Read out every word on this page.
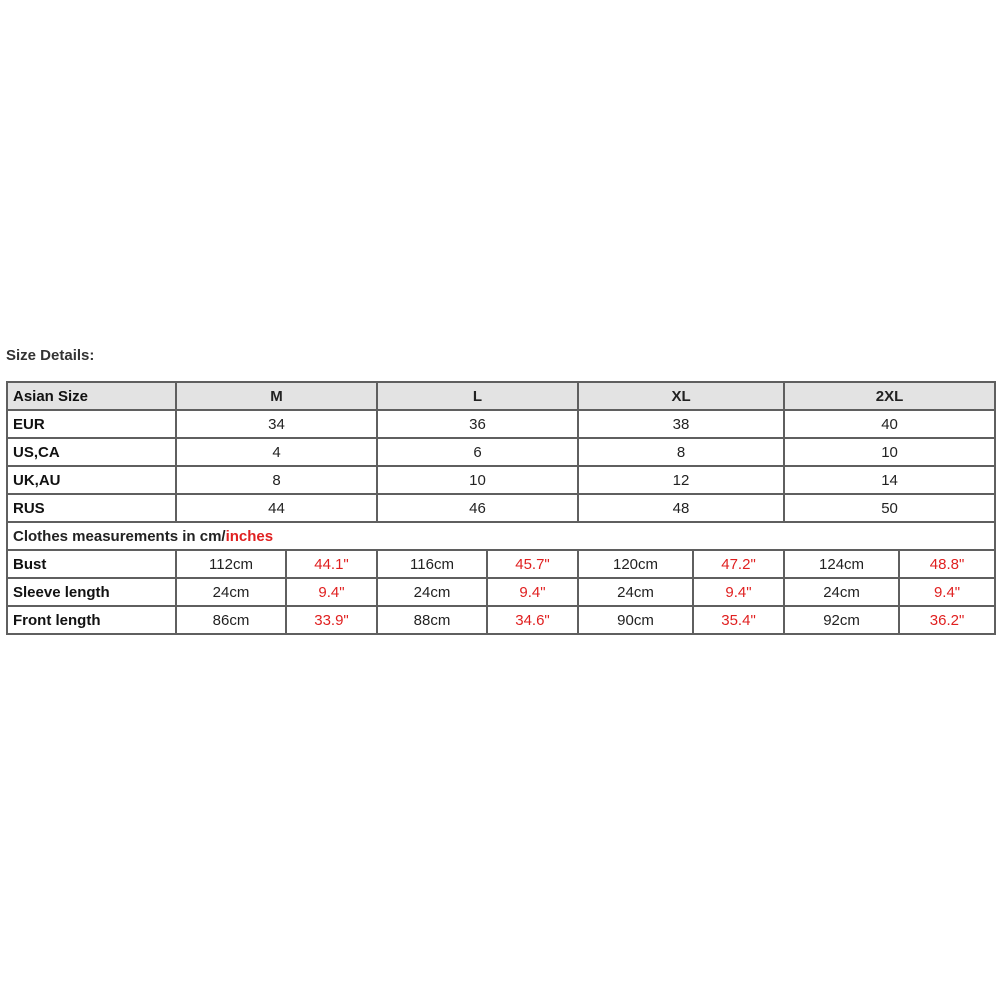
Size Details:
Asian Size	M		L		XL		2XL	
EUR	34		36		38		40	
US,CA	4		6		8		10	
UK,AU	8		10		12		14	
RUS	44		46		48		50	
Clothes measurements in cm/inches								
Bust	112cm	44.1"	116cm	45.7"	120cm	47.2"	124cm	48.8"
Sleeve length	24cm	9.4"	24cm	9.4"	24cm	9.4"	24cm	9.4"
Front length	86cm	33.9"	88cm	34.6"	90cm	35.4"	92cm	36.2"
